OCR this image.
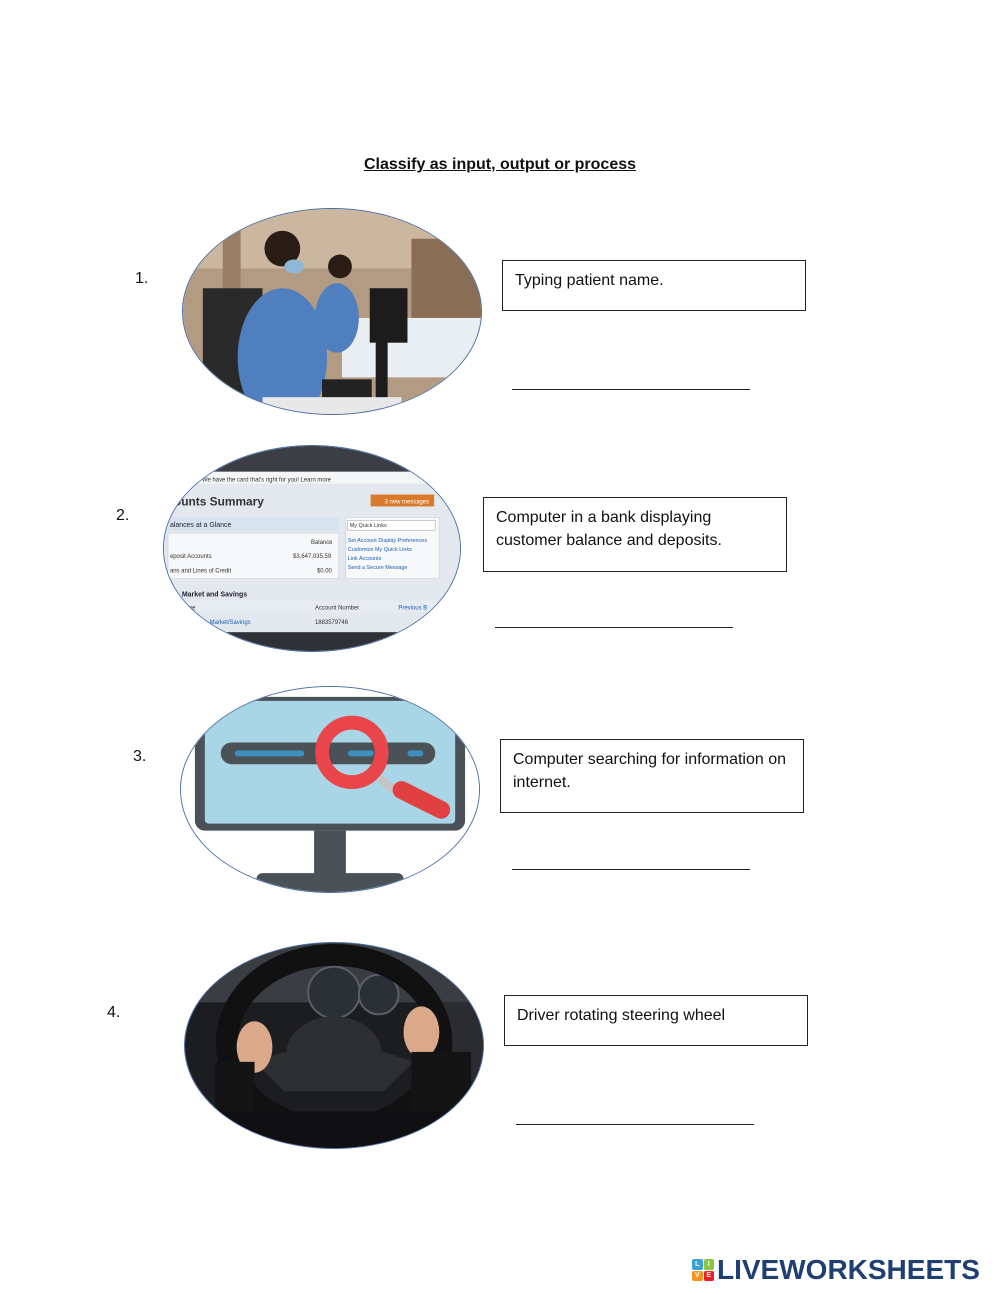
Classify as input, output or process
1.	Typing patient name.
2.
...nd more. We have the card that's right for you! Learn more
ounts Summary	3 new messages
alances at a Glance
Balance
eposit Accounts	$3,647,035.59
ans and Lines of Credit	$0.00
My Quick Links
Set Account Display Preferences
Customize My Quick Links
Link Accounts
Send a Secure Message
Market and Savings
ame	Account Number	Previous B
Market/Savings	1883579746
Computer in a bank displaying customer balance and deposits.
3.	Computer searching for information on internet.
4.	Driver rotating steering wheel
L	I
V E LIVEWORKSHEETS
